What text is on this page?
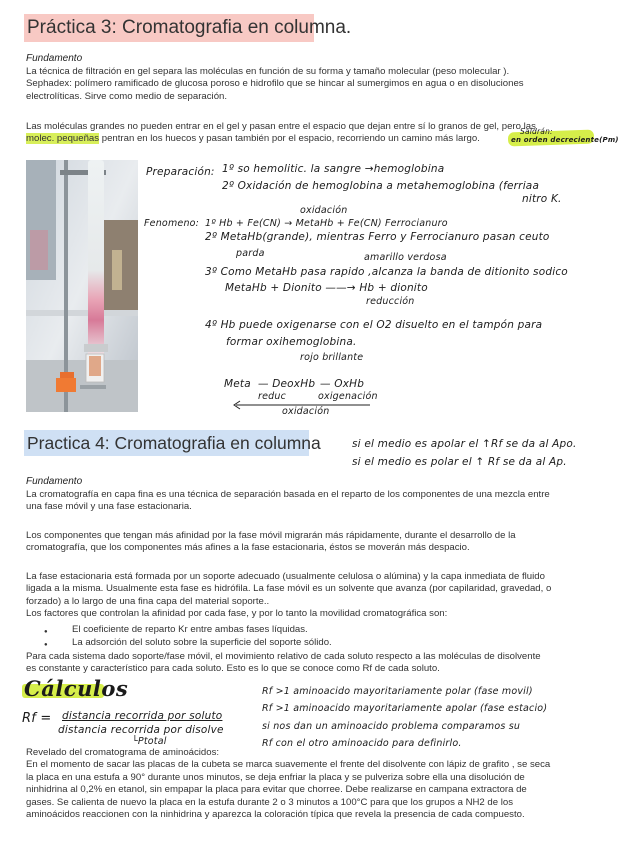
Práctica 3: Cromatografia en columna.
Fundamento
La técnica de filtración en gel separa las moléculas en función de su forma y tamaño molecular (peso molecular ).
Sephadex: polímero ramificado de glucosa poroso e hidrofilo que se hincar al sumergimos en agua o en disoluciones
electrolíticas. Sirve como medio de separación.
Las moléculas grandes no pueden entrar en el gel y pasan entre el espacio que dejan entre sí lo granos de gel, pero las
molec. pequeñas pentran en los huecos y pasan también por el espacio, recorriendo un camino más largo.
Saldrán:
en orden decreciente(Pm)
Preparación: 1º so hemolitic. la sangre →hemoglobina
2º Oxidación de hemoglobina a metahemoglobina (ferriaa
nitro K.
oxidación
Fenomeno: 1º Hb + Fe(CN) → MetaHb + Fe(CN) Ferrocianuro
2º MetaHb(grande), mientras Ferro y Ferrocianuro pasan ceuto
parda	amarillo verdosa
3º Como MetaHb pasa rapido ,alcanza la banda de ditionito sodico
MetaHb + Dionito ——→ Hb + dionito
reducción
4º Hb puede oxigenarse con el O2 disuelto en el tampón para
formar oxihemoglobina.
rojo brillante
Meta — DeoxHb — OxHb
reduc	oxigenación
oxidación
Practica 4: Cromatografia en columna	si el medio es apolar el ↑Rf se da al Apo.
si el medio es polar el ↑ Rf se da al Ap.
Fundamento
La cromatografía en capa fina es una técnica de separación basada en el reparto de los componentes de una mezcla entre
una fase móvil y una fase estacionaria.
Los componentes que tengan más afinidad por la fase móvil migrarán más rápidamente, durante el desarrollo de la
cromatografía, que los componentes más afines a la fase estacionaria, éstos se moverán más despacio.
La fase estacionaria está formada por un soporte adecuado (usualmente celulosa o alúmina) y la capa inmediata de fluido
ligada a la misma. Usualmente esta fase es hidrófila. La fase móvil es un solvente que avanza (por capilaridad, gravedad, o
forzado) a lo largo de una fina capa del material soporte..
Los factores que controlan la afinidad por cada fase, y por lo tanto la movilidad cromatográfica son:
● El coeficiente de reparto Kr entre ambas fases líquidas.
● La adsorción del soluto sobre la superficie del soporte sólido.
Para cada sistema dado soporte/fase móvil, el movimiento relativo de cada soluto respecto a las moléculas de disolvente
es constante y característico para cada soluto. Esto es lo que se conoce como Rf de cada soluto.
Cálculos
Rf = distancia recorrida por soluto
distancia recorrida por disolve
└Ptotal
Rf >1 aminoacido mayoritariamente polar (fase movil)
Rf >1 aminoacido mayoritariamente apolar (fase estacio)
si nos dan un aminoacido problema comparamos su
Rf con el otro aminoacido para definirlo.
Revelado del cromatograma de aminoácidos:
En el momento de sacar las placas de la cubeta se marca suavemente el frente del disolvente con lápiz de grafito , se seca
la placa en una estufa a 90° durante unos minutos, se deja enfriar la placa y se pulveriza sobre ella una disolución de
ninhidrina al 0,2% en etanol, sin empapar la placa para evitar que chorree. Debe realizarse en campana extractora de
gases. Se calienta de nuevo la placa en la estufa durante 2 o 3 minutos a 100°C para que los grupos a NH2 de los
aminoácidos reaccionen con la ninhidrina y aparezca la coloración típica que revela la presencia de cada compuesto.
